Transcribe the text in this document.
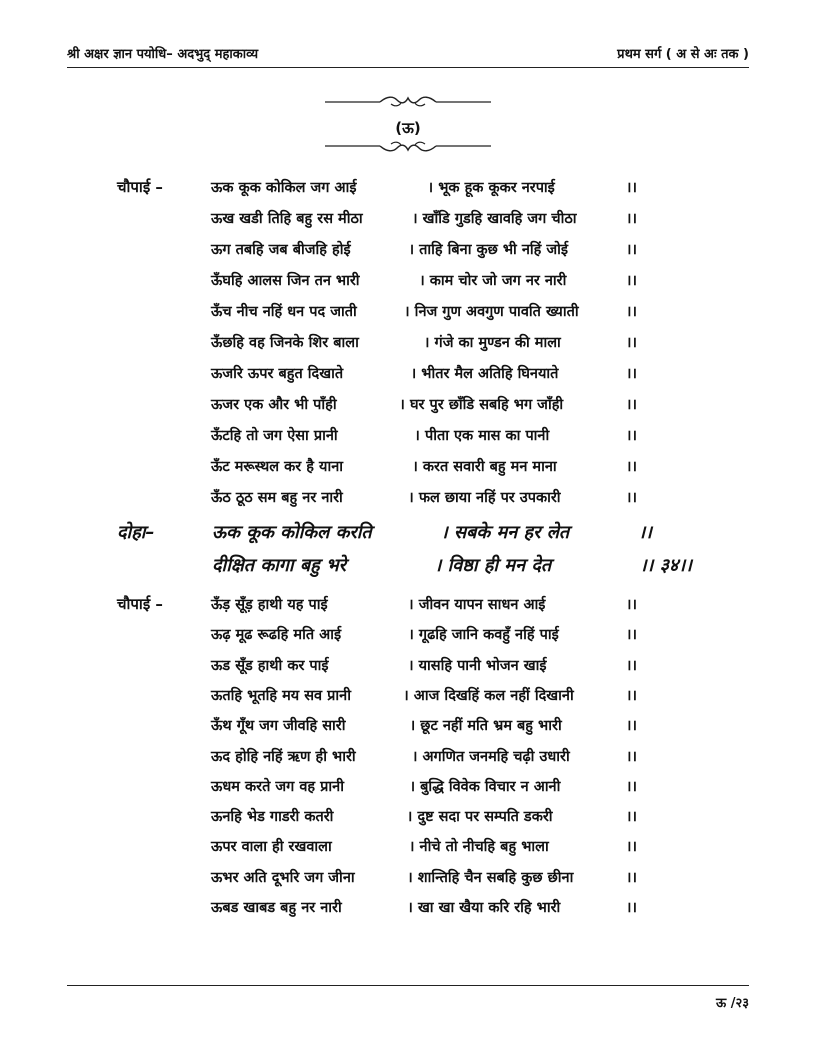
श्री अक्षर ज्ञान पयोधि– अदभुद् महाकाव्य	प्रथम सर्ग ( अ से अः तक )
(ऊ)
चौपाई –	ऊक कूक कोकिल जग आई	। भूक हूक कूकर नरपाई	।।
ऊख खडी तिहि बहु रस मीठा	। खाँडि गुडहि खावहि जग चीठा	।।
ऊग तबहि जब बीजहि होई	। ताहि बिना कुछ भी नहिं जोई	।।
ऊँघहि आलस जिन तन भारी	। काम चोर जो जग नर नारी	।।
ऊँच नीच नहिं धन पद जाती	। निज गुण अवगुण पावति ख्याती	।।
ऊँछहि वह जिनके शिर बाला	। गंजे का मुण्डन की माला	।।
ऊजरि ऊपर बहुत दिखाते	। भीतर मैल अतिहि घिनयाते	।।
ऊजर एक और भी पाँही	। घर पुर छाँडि सबहि भग जाँही	।।
ऊँटहि तो जग ऐसा प्रानी	। पीता एक मास का पानी	।।
ऊँट मरूस्थल कर है याना	। करत सवारी बहु मन माना	।।
ऊँठ ठूठ सम बहु नर नारी	। फल छाया नहिं पर उपकारी	।।
दोहा–	ऊक कूक कोकिल करति	। सबके मन हर लेत	।।
दीक्षित कागा बहु भरे	। विष्ठा ही मन देत	।। ३४।।
चौपाई –	ऊँड़ सूँड़ हाथी यह पाई	। जीवन यापन साधन आई	।।
ऊढ़ मूढ रूढहि मति आई	। गूढहि जानि कवहुँ नहिं पाई	।।
ऊड सूँड हाथी कर पाई	। यासहि पानी भोजन खाई	।।
ऊतहि भूतहि मय सव प्रानी	। आज दिखहिं कल नहीं दिखानी	।।
ऊँथ गूँथ जग जीवहि सारी	। छूट नहीं मति भ्रम बहु भारी	।।
ऊद होहि नहिं ऋण ही भारी	। अगणित जनमहि चढ़ी उधारी	।।
ऊधम करते जग वह प्रानी	। बुद्धि विवेक विचार न आनी	।।
ऊनहि भेड गाडरी कतरी	। दुष्ट सदा पर सम्पति डकरी	।।
ऊपर वाला ही रखवाला	। नीचे तो नीचहि बहु भाला	।।
ऊभर अति दूभरि जग जीना	। शान्तिहि चैन सबहि कुछ छीना	।।
ऊबड खाबड बहु नर नारी	। खा खा खैया करि रहि भारी	।।
ऊ /२३
